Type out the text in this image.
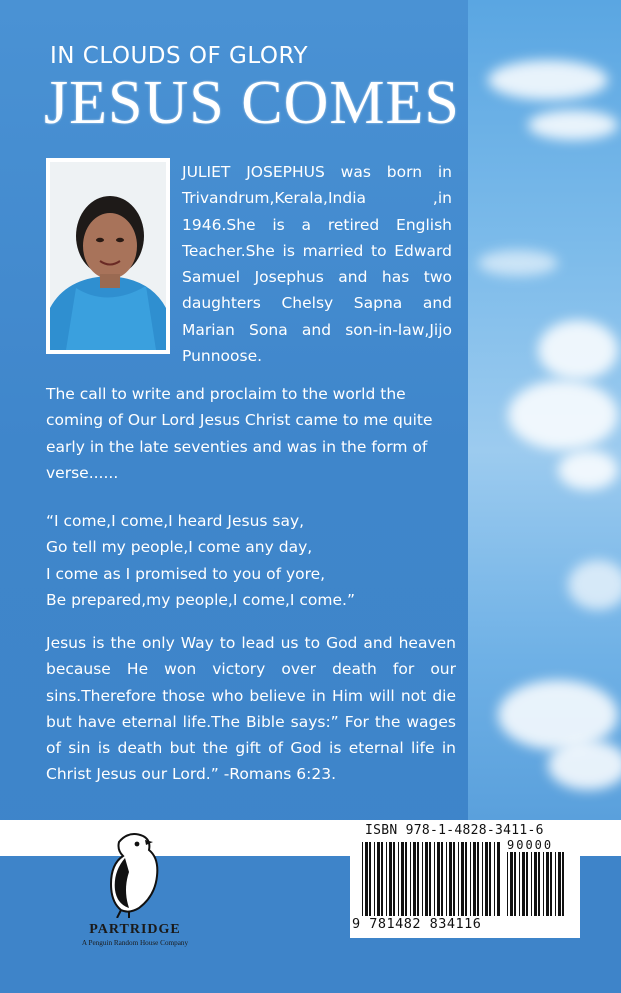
IN CLOUDS OF GLORY
JESUS COMES

JULIET JOSEPHUS was born in Trivandrum,Kerala,India ,in 1946.She is a retired English Teacher.She is married to Edward Samuel Josephus and has two daughters Chelsy Sapna and Marian Sona and son-in-law,Jijo Punnoose.

The call to write and proclaim to the world the coming of Our Lord Jesus Christ came to me quite early in the late seventies and was in the form of verse......

“I come,I come,I heard Jesus say,
Go tell my people,I come any day,
I come as I promised to you of yore,
Be prepared,my people,I come,I come.”

Jesus is the only Way to lead us to God and heaven because He won victory over death for our sins.Therefore those who believe in Him will not die but have eternal life.The Bible says:” For the wages of sin is death but the gift of God is eternal life in Christ Jesus our Lord.” -Romans 6:23.

PARTRIDGE
A Penguin Random House Company
ISBN 978-1-4828-3411-6
90000
9 781482 834116
